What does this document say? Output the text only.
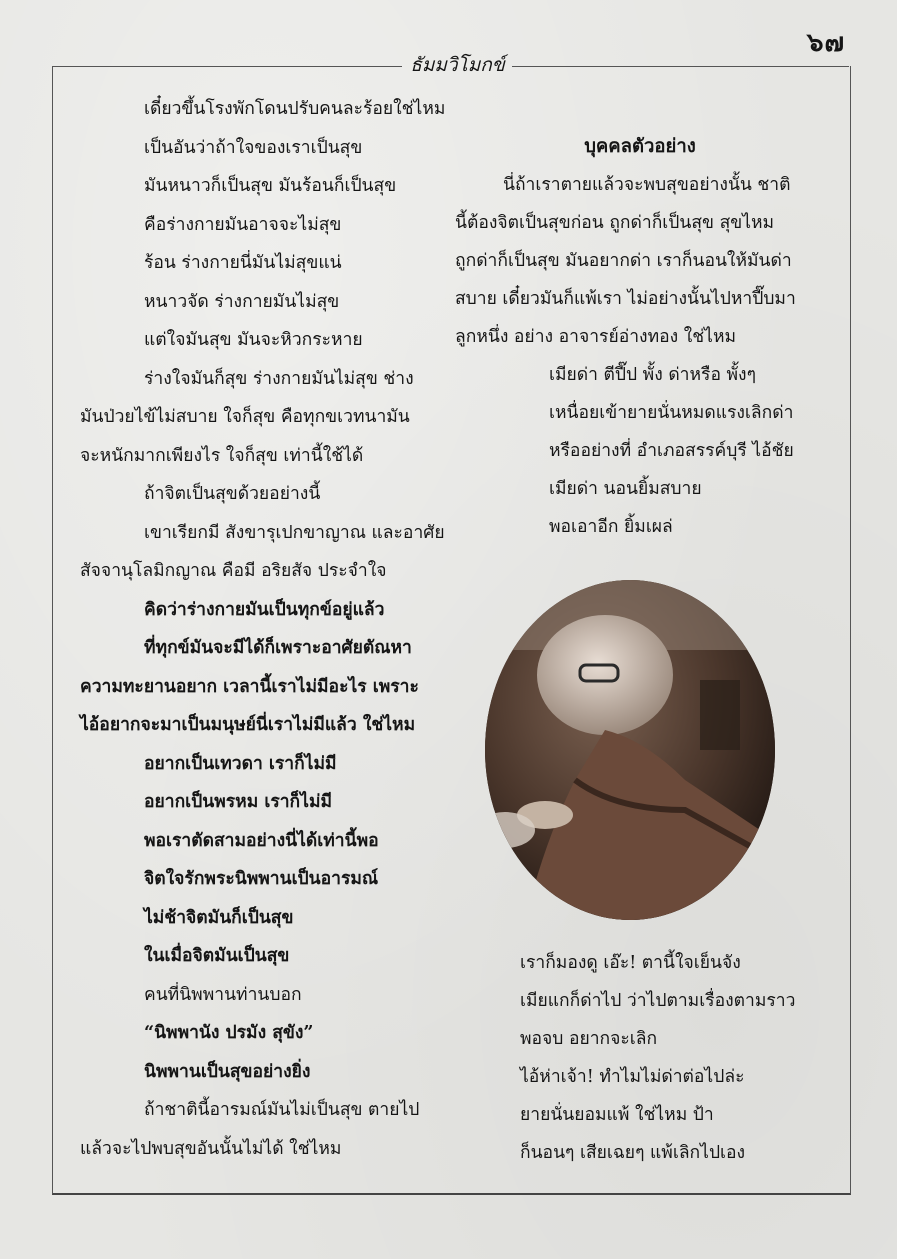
๖๗
ธัมมวิโมกข์
เดี๋ยวขึ้นโรงพักโดนปรับคนละร้อยใช่ไหม
เป็นอันว่าถ้าใจของเราเป็นสุข
มันหนาวก็เป็นสุข มันร้อนก็เป็นสุข
คือร่างกายมันอาจจะไม่สุข
ร้อน ร่างกายนี่มันไม่สุขแน่
หนาวจัด ร่างกายมันไม่สุข
แต่ใจมันสุข มันจะหิวกระหาย
ร่างใจมันก็สุข ร่างกายมันไม่สุข ช่าง
มันป่วยไข้ไม่สบาย ใจก็สุข คือทุกขเวทนามัน
จะหนักมากเพียงไร ใจก็สุข เท่านี้ใช้ได้
ถ้าจิตเป็นสุขด้วยอย่างนี้
เขาเรียกมี สังขารุเปกขาญาณ และอาศัย
สัจจานุโลมิกญาณ คือมี อริยสัจ ประจำใจ
คิดว่าร่างกายมันเป็นทุกข์อยู่แล้ว
ที่ทุกข์มันจะมีได้ก็เพราะอาศัยตัณหา
ความทะยานอยาก เวลานี้เราไม่มีอะไร เพราะ
ไอ้อยากจะมาเป็นมนุษย์นี่เราไม่มีแล้ว ใช่ไหม
อยากเป็นเทวดา เราก็ไม่มี
อยากเป็นพรหม เราก็ไม่มี
พอเราตัดสามอย่างนี่ได้เท่านี้พอ
จิตใจรักพระนิพพานเป็นอารมณ์
ไม่ช้าจิตมันก็เป็นสุข
ในเมื่อจิตมันเป็นสุข
คนที่นิพพานท่านบอก
“นิพพานัง ปรมัง สุขัง”
นิพพานเป็นสุขอย่างยิ่ง
ถ้าชาตินี้อารมณ์มันไม่เป็นสุข ตายไป
แล้วจะไปพบสุขอันนั้นไม่ได้ ใช่ไหม
บุคคลตัวอย่าง
นี่ถ้าเราตายแล้วจะพบสุขอย่างนั้น ชาติ
นี้ต้องจิตเป็นสุขก่อน ถูกด่าก็เป็นสุข สุขไหม
ถูกด่าก็เป็นสุข มันอยากด่า เราก็นอนให้มันด่า
สบาย เดี๋ยวมันก็แพ้เรา ไม่อย่างนั้นไปหาปี๊บมา
ลูกหนึ่ง อย่าง อาจารย์อ่างทอง ใช่ไหม
เมียด่า ตีปี๊ป พั้ง ด่าหรือ พั้งๆ
เหนื่อยเข้ายายนั่นหมดแรงเลิกด่า
หรืออย่างที่ อำเภอสรรค์บุรี ไอ้ชัย
เมียด่า นอนยิ้มสบาย
พอเอาอีก ยิ้มเผล่
เราก็มองดู เอ๊ะ! ตานี้ใจเย็นจัง
เมียแกก็ด่าไป ว่าไปตามเรื่องตามราว
พอจบ อยากจะเลิก
ไอ้ห่าเจ้า! ทำไมไม่ด่าต่อไปล่ะ
ยายนั่นยอมแพ้ ใช่ไหม ป้า
ก็นอนๆ เสียเฉยๆ แพ้เลิกไปเอง
